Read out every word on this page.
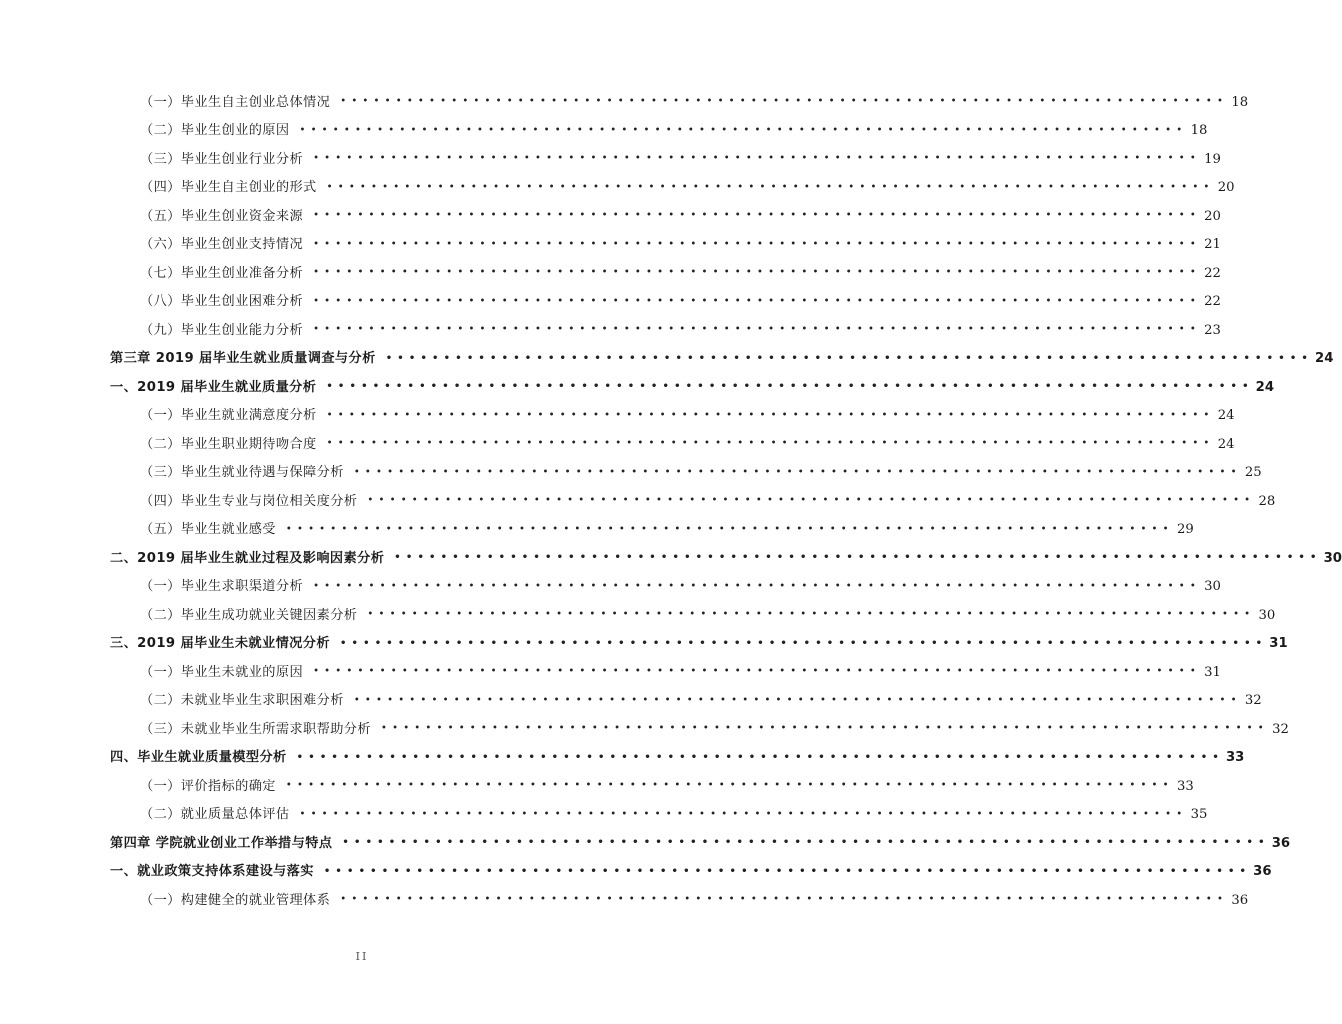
（一）毕业生自主创业总体情况 •••••••••••••••••••••••••••••••••••••••••••••••••••••••••••••••••••••••••••••••• 18
（二）毕业生创业的原因 •••••••••••••••••••••••••••••••••••••••••••••••••••••••••••••••••••••••••••••••• 18
（三）毕业生创业行业分析 •••••••••••••••••••••••••••••••••••••••••••••••••••••••••••••••••••••••••••••••• 19
（四）毕业生自主创业的形式 •••••••••••••••••••••••••••••••••••••••••••••••••••••••••••••••••••••••••••••••• 20
（五）毕业生创业资金来源 •••••••••••••••••••••••••••••••••••••••••••••••••••••••••••••••••••••••••••••••• 20
（六）毕业生创业支持情况 •••••••••••••••••••••••••••••••••••••••••••••••••••••••••••••••••••••••••••••••• 21
（七）毕业生创业准备分析 •••••••••••••••••••••••••••••••••••••••••••••••••••••••••••••••••••••••••••••••• 22
（八）毕业生创业困难分析 •••••••••••••••••••••••••••••••••••••••••••••••••••••••••••••••••••••••••••••••• 22
（九）毕业生创业能力分析 •••••••••••••••••••••••••••••••••••••••••••••••••••••••••••••••••••••••••••••••• 23
第三章 2019 届毕业生就业质量调查与分析 •••••••••••••••••••••••••••••••••••••••••••••••••••••••••••••••••••••••••••••••• 24
一、2019 届毕业生就业质量分析 •••••••••••••••••••••••••••••••••••••••••••••••••••••••••••••••••••••••••••••••• 24
（一）毕业生就业满意度分析 •••••••••••••••••••••••••••••••••••••••••••••••••••••••••••••••••••••••••••••••• 24
（二）毕业生职业期待吻合度 •••••••••••••••••••••••••••••••••••••••••••••••••••••••••••••••••••••••••••••••• 24
（三）毕业生就业待遇与保障分析 •••••••••••••••••••••••••••••••••••••••••••••••••••••••••••••••••••••••••••••••• 25
（四）毕业生专业与岗位相关度分析 •••••••••••••••••••••••••••••••••••••••••••••••••••••••••••••••••••••••••••••••• 28
（五）毕业生就业感受 •••••••••••••••••••••••••••••••••••••••••••••••••••••••••••••••••••••••••••••••• 29
二、2019 届毕业生就业过程及影响因素分析 •••••••••••••••••••••••••••••••••••••••••••••••••••••••••••••••••••••••••••••••• 30
（一）毕业生求职渠道分析 •••••••••••••••••••••••••••••••••••••••••••••••••••••••••••••••••••••••••••••••• 30
（二）毕业生成功就业关键因素分析 •••••••••••••••••••••••••••••••••••••••••••••••••••••••••••••••••••••••••••••••• 30
三、2019 届毕业生未就业情况分析 •••••••••••••••••••••••••••••••••••••••••••••••••••••••••••••••••••••••••••••••• 31
（一）毕业生未就业的原因 •••••••••••••••••••••••••••••••••••••••••••••••••••••••••••••••••••••••••••••••• 31
（二）未就业毕业生求职困难分析 •••••••••••••••••••••••••••••••••••••••••••••••••••••••••••••••••••••••••••••••• 32
（三）未就业毕业生所需求职帮助分析 •••••••••••••••••••••••••••••••••••••••••••••••••••••••••••••••••••••••••••••••• 32
四、毕业生就业质量模型分析 •••••••••••••••••••••••••••••••••••••••••••••••••••••••••••••••••••••••••••••••• 33
（一）评价指标的确定 •••••••••••••••••••••••••••••••••••••••••••••••••••••••••••••••••••••••••••••••• 33
（二）就业质量总体评估 •••••••••••••••••••••••••••••••••••••••••••••••••••••••••••••••••••••••••••••••• 35
第四章 学院就业创业工作举措与特点 •••••••••••••••••••••••••••••••••••••••••••••••••••••••••••••••••••••••••••••••• 36
一、就业政策支持体系建设与落实 •••••••••••••••••••••••••••••••••••••••••••••••••••••••••••••••••••••••••••••••• 36
（一）构建健全的就业管理体系 •••••••••••••••••••••••••••••••••••••••••••••••••••••••••••••••••••••••••••••••• 36
II
